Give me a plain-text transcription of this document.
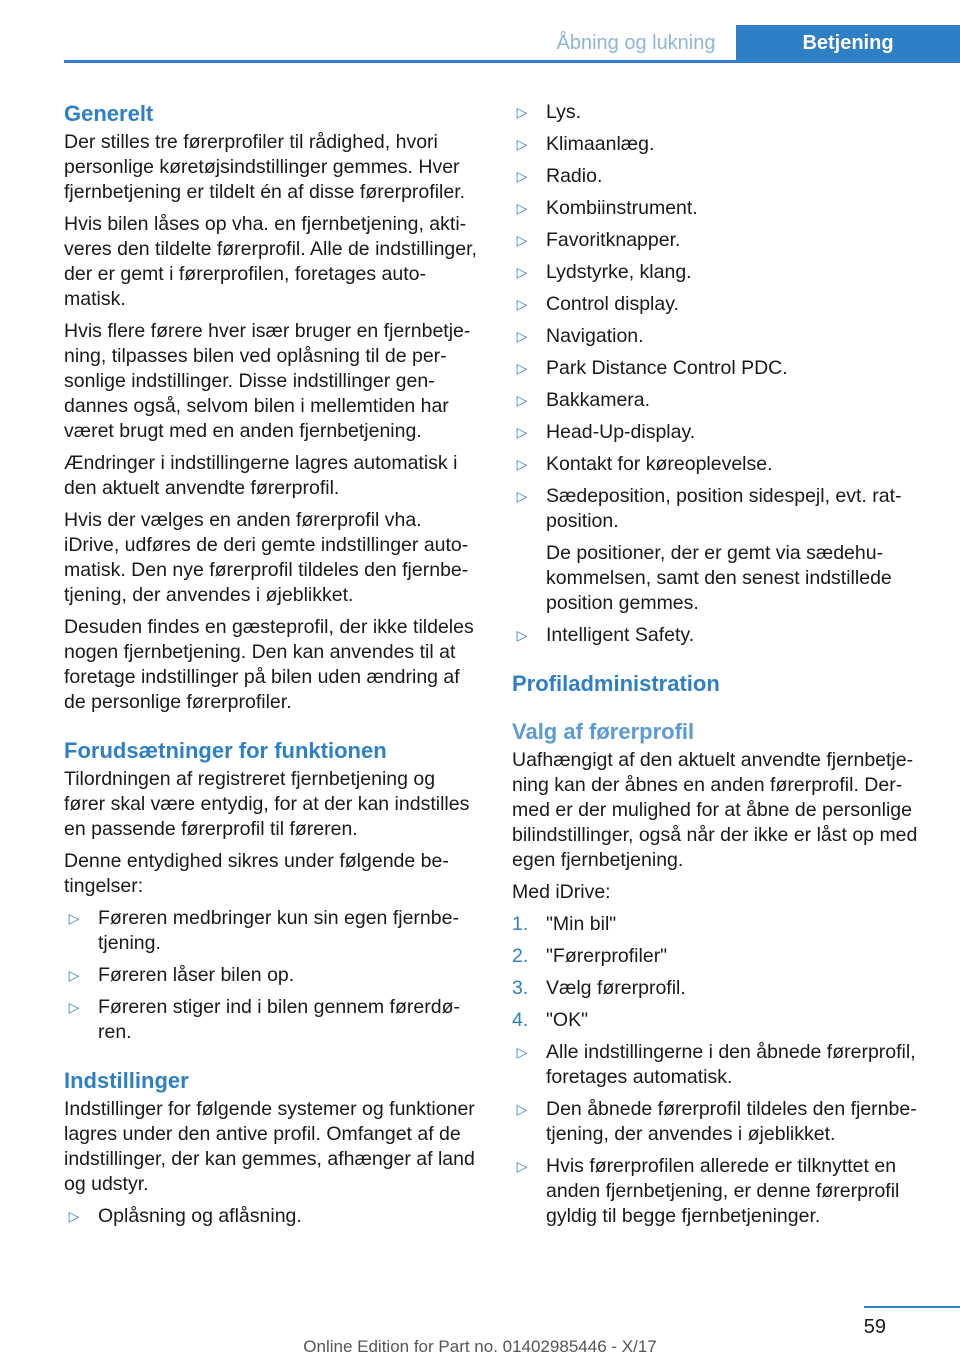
Åbning og lukning	Betjening
Generelt

Der stilles tre førerprofiler til rådighed, hvori personlige køretøjsindstillinger gemmes. Hver fjernbetjening er tildelt én af disse førerprofiler.

Hvis bilen låses op vha. en fjernbetjening, aktiveres den tildelte førerprofil. Alle de indstillinger, der er gemt i førerprofilen, foretages automatisk.

Hvis flere førere hver især bruger en fjernbetjening, tilpasses bilen ved oplåsning til de personlige indstillinger. Disse indstillinger gendannes også, selvom bilen i mellemtiden har været brugt med en anden fjernbetjening.

Ændringer i indstillingerne lagres automatisk i den aktuelt anvendte førerprofil.

Hvis der vælges en anden førerprofil vha. iDrive, udføres de deri gemte indstillinger automatisk. Den nye førerprofil tildeles den fjernbetjening, der anvendes i øjeblikket.

Desuden findes en gæsteprofil, der ikke tildeles nogen fjernbetjening. Den kan anvendes til at foretage indstillinger på bilen uden ændring af de personlige førerprofiler.

Forudsætninger for funktionen

Tilordningen af registreret fjernbetjening og fører skal være entydig, for at der kan indstilles en passende førerprofil til føreren.

Denne entydighed sikres under følgende betingelser:

▷ Føreren medbringer kun sin egen fjernbetjening.
▷ Føreren låser bilen op.
▷ Føreren stiger ind i bilen gennem førerdøren.
Indstillinger

Indstillinger for følgende systemer og funktioner lagres under den antive profil. Omfanget af de indstillinger, der kan gemmes, afhænger af land og udstyr.

▷ Oplåsning og aflåsning.
▷ Lys.
▷ Klimaanlæg.
▷ Radio.
▷ Kombiinstrument.
▷ Favoritknapper.
▷ Lydstyrke, klang.
▷ Control display.
▷ Navigation.
▷ Park Distance Control PDC.
▷ Bakkamera.
▷ Head-Up-display.
▷ Kontakt for køreoplevelse.
▷ Sædeposition, position sidespejl, evt. ratposition.
De positioner, der er gemt via sædehukommelsen, samt den senest indstillede position gemmes.
▷ Intelligent Safety.
Profiladministration
Valg af førerprofil

Uafhængigt af den aktuelt anvendte fjernbetjening kan der åbnes en anden førerprofil. Dermed er der mulighed for at åbne de personlige bilindstillinger, også når der ikke er låst op med egen fjernbetjening.

Med iDrive:

1. "Min bil"
2. "Førerprofiler"
3. Vælg førerprofil.
4. "OK"
▷ Alle indstillingerne i den åbnede førerprofil, foretages automatisk.
▷ Den åbnede førerprofil tildeles den fjernbetjening, der anvendes i øjeblikket.
▷ Hvis førerprofilen allerede er tilknyttet en anden fjernbetjening, er denne førerprofil gyldig til begge fjernbetjeninger.
59
Online Edition for Part no. 01402985446 - X/17
